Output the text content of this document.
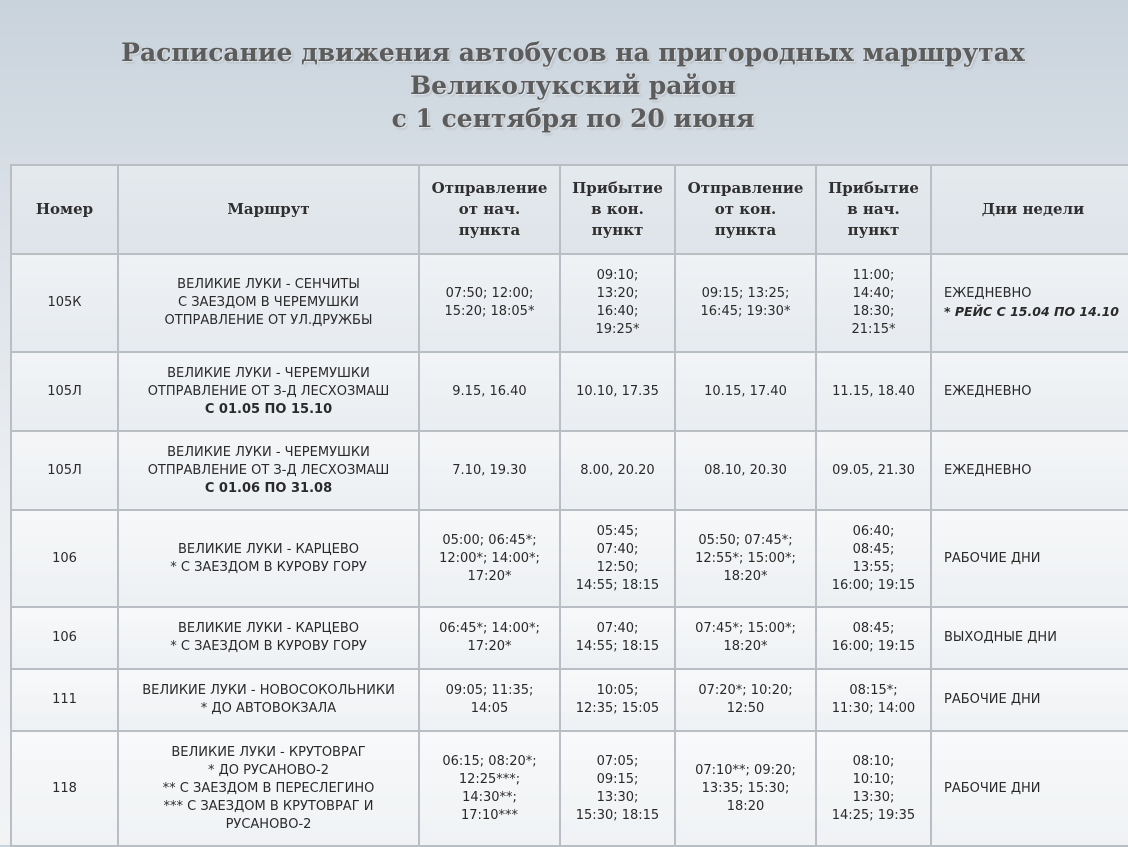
Расписание движения автобусов на пригородных маршрутах
Великолукский район
с 1 сентября по 20 июня
Номер	Маршрут	Отправление
от нач.
пункта	Прибытие
в кон.
пункт	Отправление
от кон.
пункта	Прибытие
в нач.
пункт	Дни недели
105К	ВЕЛИКИЕ ЛУКИ - СЕНЧИТЫ
С ЗАЕЗДОМ В ЧЕРЕМУШКИ
ОТПРАВЛЕНИЕ ОТ УЛ.ДРУЖБЫ	07:50; 12:00;
15:20; 18:05*	09:10;
13:20;
16:40;
19:25*	09:15; 13:25;
16:45; 19:30*	11:00;
14:40;
18:30;
21:15*	ЕЖЕДНЕВНО
* РЕЙС С 15.04 ПО 14.10

105Л	ВЕЛИКИЕ ЛУКИ - ЧЕРЕМУШКИ
ОТПРАВЛЕНИЕ ОТ З-Д ЛЕСХОЗМАШ
С 01.05 ПО 15.10	9.15, 16.40	10.10, 17.35	10.15, 17.40	11.15, 18.40	ЕЖЕДНЕВНО
105Л	ВЕЛИКИЕ ЛУКИ - ЧЕРЕМУШКИ
ОТПРАВЛЕНИЕ ОТ З-Д ЛЕСХОЗМАШ
С 01.06 ПО 31.08	7.10, 19.30	8.00, 20.20	08.10, 20.30	09.05, 21.30	ЕЖЕДНЕВНО
106	ВЕЛИКИЕ ЛУКИ - КАРЦЕВО
* С ЗАЕЗДОМ В КУРОВУ ГОРУ	05:00; 06:45*;
12:00*; 14:00*;
17:20*	05:45;
07:40;
12:50;
14:55; 18:15	05:50; 07:45*;
12:55*; 15:00*;
18:20*	06:40;
08:45;
13:55;
16:00; 19:15	РАБОЧИЕ ДНИ
106	ВЕЛИКИЕ ЛУКИ - КАРЦЕВО
* С ЗАЕЗДОМ В КУРОВУ ГОРУ	06:45*; 14:00*;
17:20*	07:40;
14:55; 18:15	07:45*; 15:00*;
18:20*	08:45;
16:00; 19:15	ВЫХОДНЫЕ ДНИ
111	ВЕЛИКИЕ ЛУКИ - НОВОСОКОЛЬНИКИ
* ДО АВТОВОКЗАЛА	09:05; 11:35;
14:05	10:05;
12:35; 15:05	07:20*; 10:20;
12:50	08:15*;
11:30; 14:00	РАБОЧИЕ ДНИ
118	ВЕЛИКИЕ ЛУКИ - КРУТОВРАГ
* ДО РУСАНОВО-2
** С ЗАЕЗДОМ В ПЕРЕСЛЕГИНО
*** С ЗАЕЗДОМ В КРУТОВРАГ И
РУСАНОВО-2	06:15; 08:20*;
12:25***;
14:30**;
17:10***	07:05;
09:15;
13:30;
15:30; 18:15	07:10**; 09:20;
13:35; 15:30;
18:20	08:10;
10:10;
13:30;
14:25; 19:35	РАБОЧИЕ ДНИ
